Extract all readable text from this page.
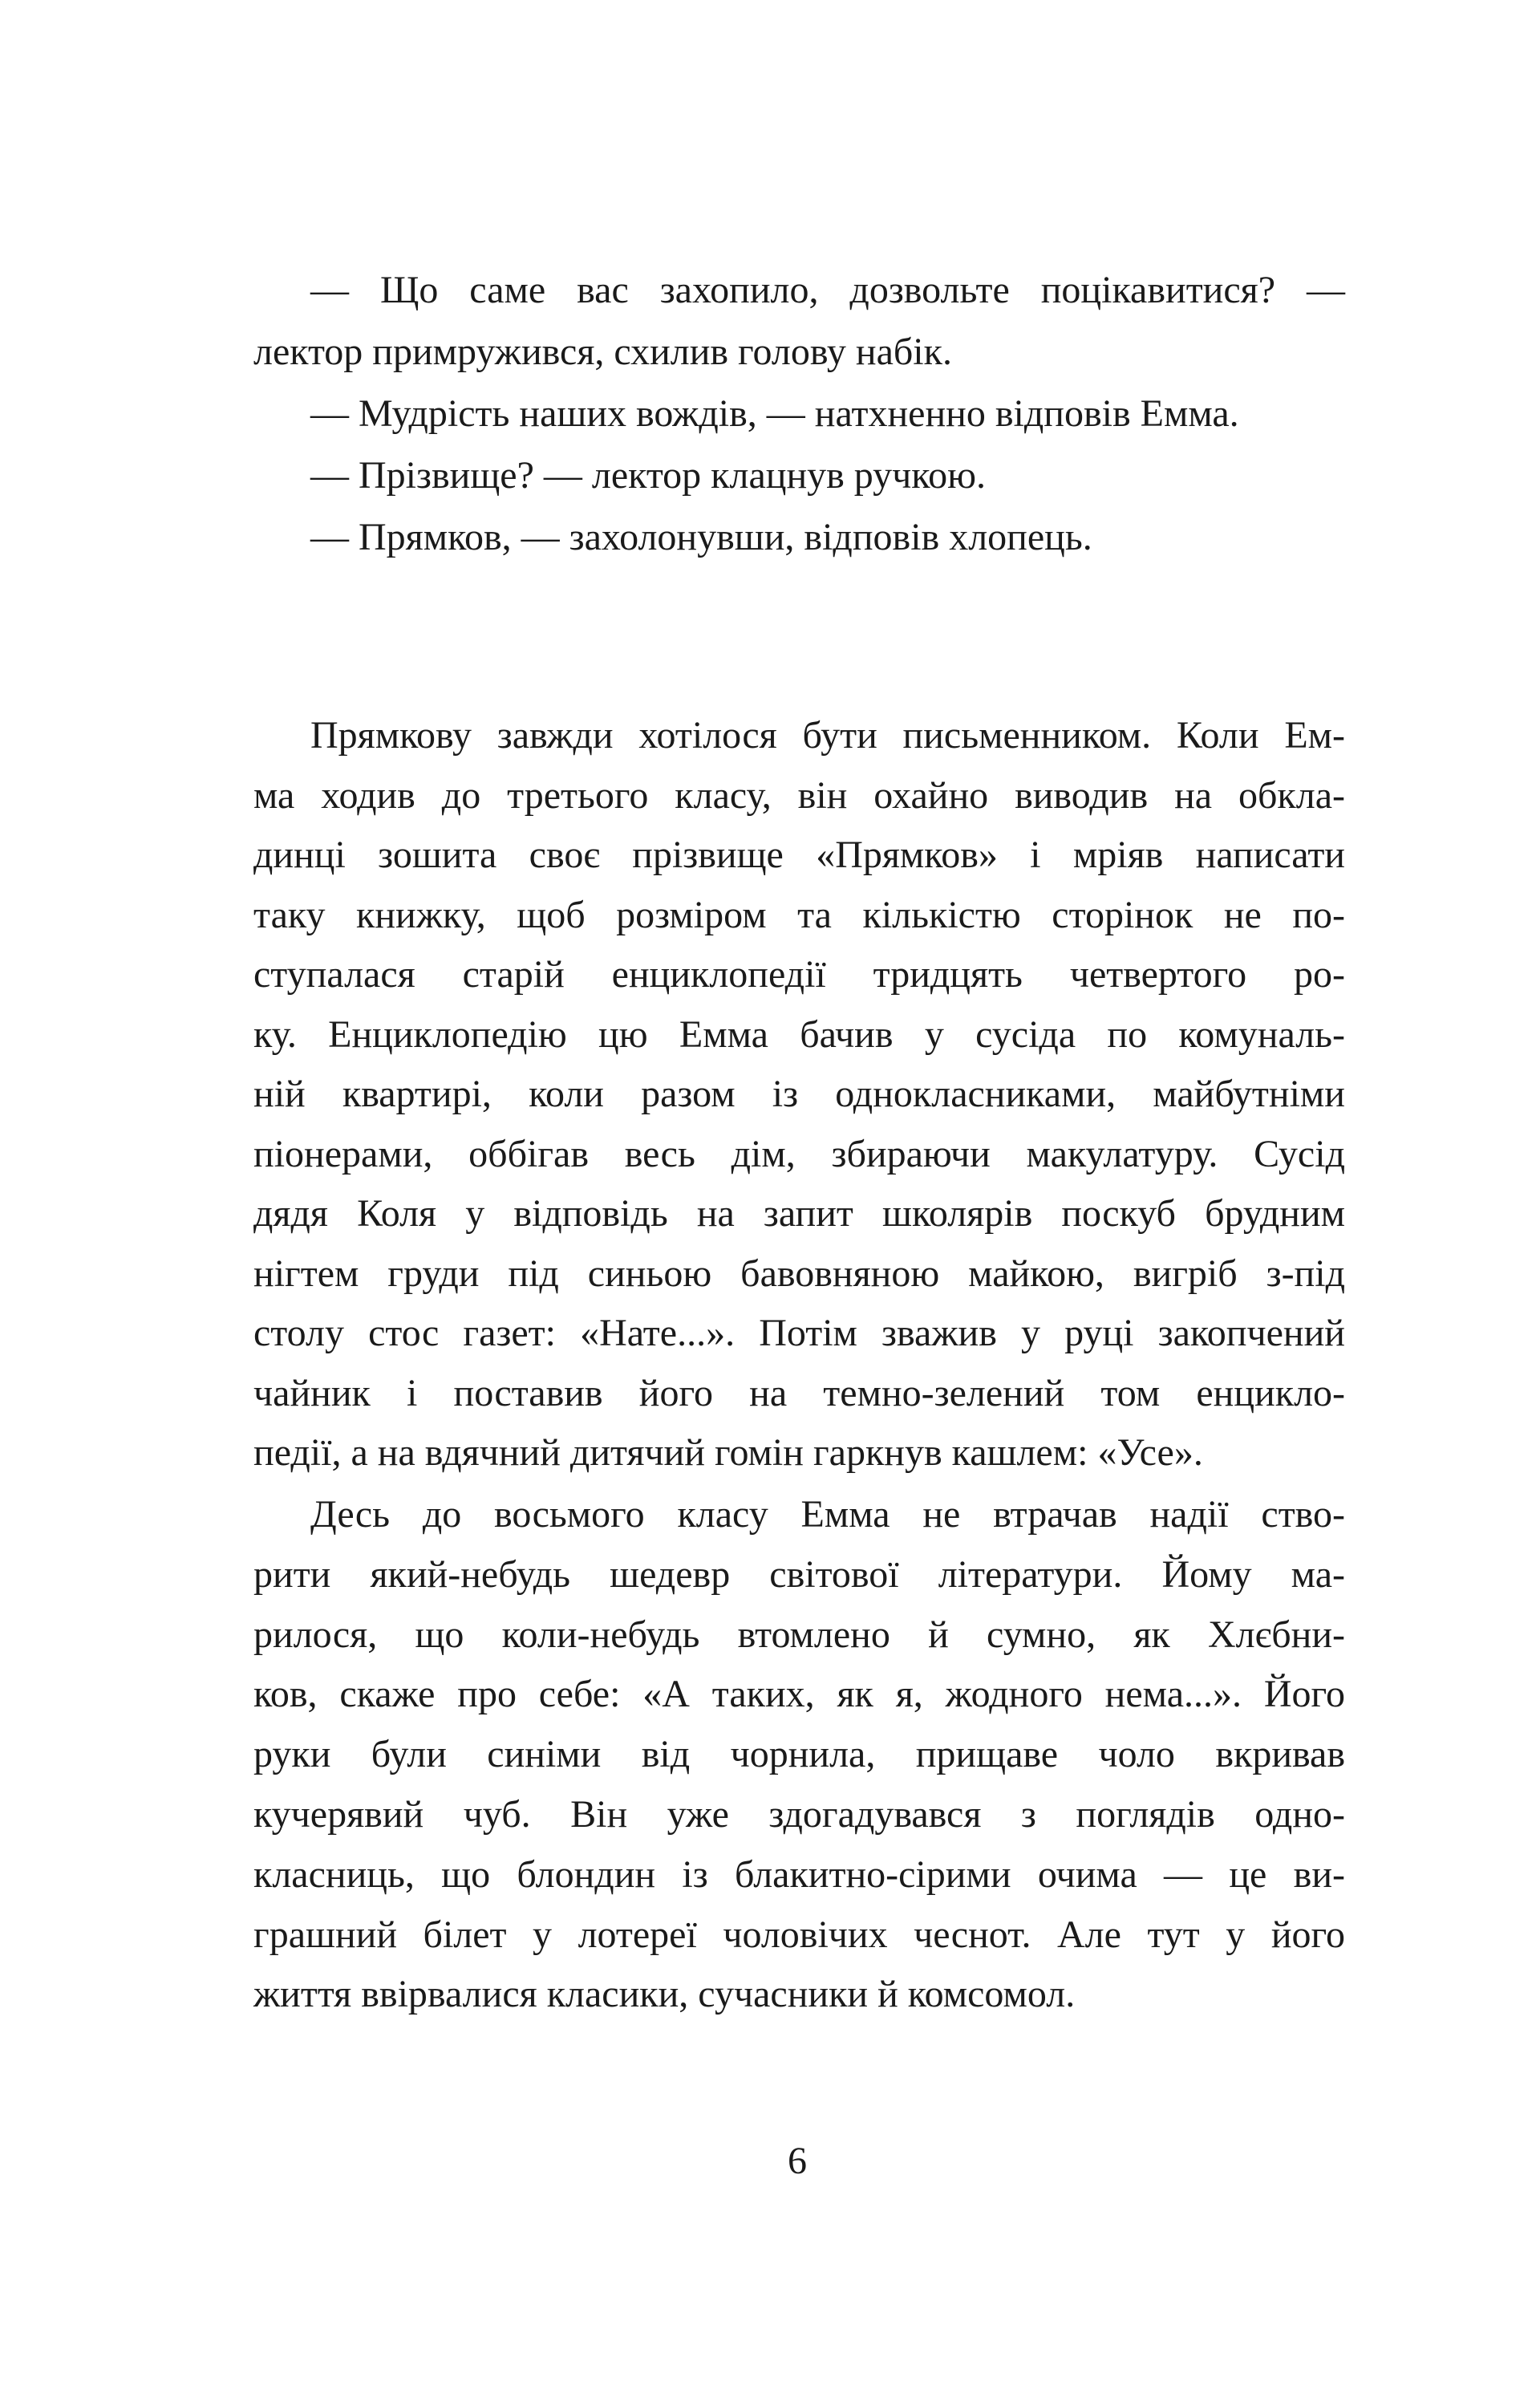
— Що саме вас захопило, дозвольте поцікавитися? —
лектор примружився, схилив голову набік.
— Мудрість наших вождів, — натхненно відповів Емма.
— Прізвище? — лектор клацнув ручкою.
— Прямков, — захолонувши, відповів хлопець.
Прямкову завжди хотілося бути письменником. Коли Ем-
ма ходив до третього класу, він охайно виводив на обкла-
динці зошита своє прізвище «Прямков» і мріяв написати
таку книжку, щоб розміром та кількістю сторінок не по-
ступалася старій енциклопедії тридцять четвертого ро-
ку. Енциклопедію цю Емма бачив у сусіда по комуналь-
ній квартирі, коли разом із однокласниками, майбутніми
піонерами, оббігав весь дім, збираючи макулатуру. Сусід
дядя Коля у відповідь на запит школярів поскуб брудним
нігтем груди під синьою бавовняною майкою, вигріб з-під
столу стос газет: «Нате...». Потім зважив у руці закопчений
чайник і поставив його на темно-зелений том енцикло-
педії, а на вдячний дитячий гомін гаркнув кашлем: «Усе».
Десь до восьмого класу Емма не втрачав надії ство-
рити який-небудь шедевр світової літератури. Йому ма-
рилося, що коли-небудь втомлено й сумно, як Хлєбни-
ков, скаже про себе: «А таких, як я, жодного нема...». Його
руки були синіми від чорнила, прищаве чоло вкривав
кучерявий чуб. Він уже здогадувався з поглядів одно-
класниць, що блондин із блакитно-сірими очима — це ви-
грашний білет у лотереї чоловічих чеснот. Але тут у його
життя ввірвалися класики, сучасники й комсомол.
6
